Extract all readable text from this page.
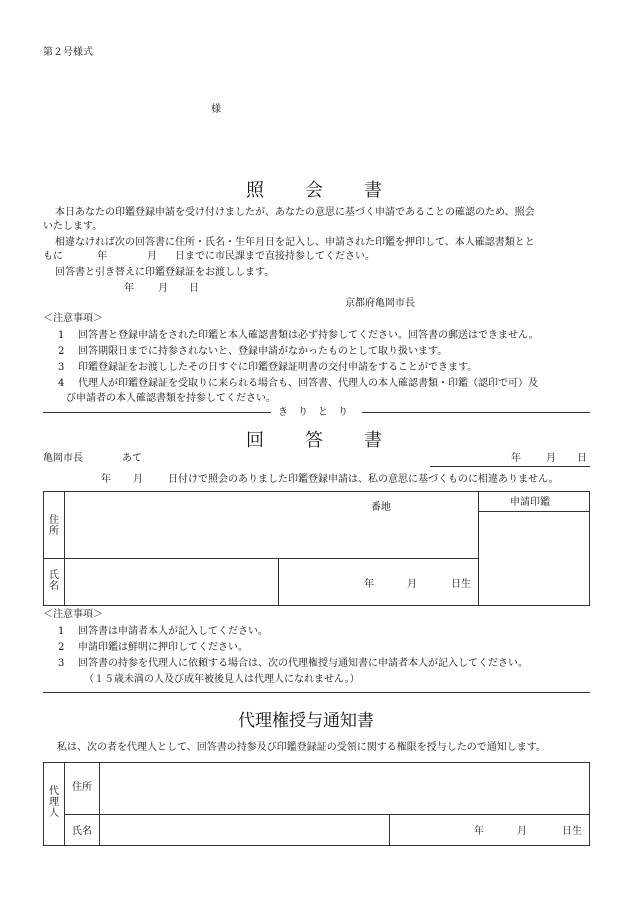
第２号様式
様
照 会 書
本日あなたの印鑑登録申請を受け付けましたが、あなたの意思に基づく申請であることの確認のため、照会
いたします。
相違なければ次の回答書に住所・氏名・生年月日を記入し、申請された印鑑を押印して、本人確認書類とと
もに	年	月 日までに市民課まで直接持参してください。
回答書と引き替えに印鑑登録証をお渡しします。
年 月 日
京都府亀岡市長
＜注意事項＞
1 回答書と登録申請をされた印鑑と本人確認書類は必ず持参してください。回答書の郵送はできません。
2 回答期限日までに持参されないと、登録申請がなかったものとして取り扱います。
3 印鑑登録証をお渡ししたその日すぐに印鑑登録証明書の交付申請をすることができます。
4 代理人が印鑑登録証を受取りに来られる場合も、回答書、代理人の本人確認書類・印鑑（認印で可）及
び申請者の本人確認書類を持参してください。
き　り　と　り
回 答 書
亀岡市長	あて	年	月 日
年 月	日付けで照会のありました印鑑登録申請は、私の意思に基づくものに相違ありません。
住所
番地	申請印鑑
氏名	年	月	日生
＜注意事項＞
1 回答書は申請者本人が記入してください。
2 申請印鑑は鮮明に押印してください。
3 回答書の持参を代理人に依頼する場合は、次の代理権授与通知書に申請者本人が記入してください。
（１５歳未満の人及び成年被後見人は代理人になれません。）
代理権授与通知書
私は、次の者を代理人として、回答書の持参及び印鑑登録証の受領に関する権限を授与したので通知します。
代理人
住所
氏名	年	月	日生
